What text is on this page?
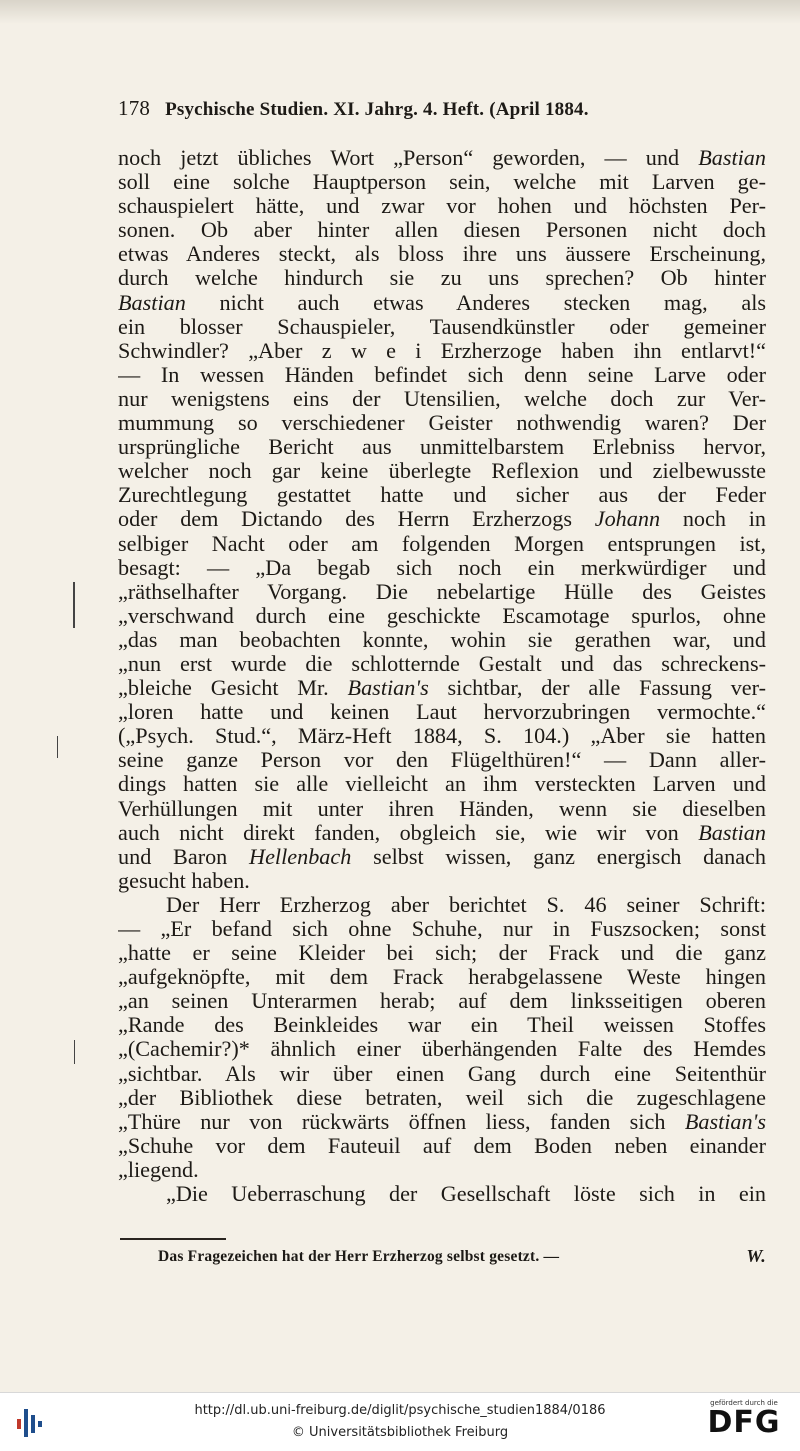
178 Psychische Studien. XI. Jahrg. 4. Heft. (April 1884.
noch jetzt übliches Wort „Person“ geworden, — und Bastian
soll eine solche Hauptperson sein, welche mit Larven ge-
schauspielert hätte, und zwar vor hohen und höchsten Per-
sonen. Ob aber hinter allen diesen Personen nicht doch
etwas Anderes steckt, als bloss ihre uns äussere Erscheinung,
durch welche hindurch sie zu uns sprechen? Ob hinter
Bastian nicht auch etwas Anderes stecken mag, als
ein blosser Schauspieler, Tausendkünstler oder gemeiner
Schwindler? „Aber z w e i Erzherzoge haben ihn entlarvt!“
— In wessen Händen befindet sich denn seine Larve oder
nur wenigstens eins der Utensilien, welche doch zur Ver-
mummung so verschiedener Geister nothwendig waren? Der
ursprüngliche Bericht aus unmittelbarstem Erlebniss hervor,
welcher noch gar keine überlegte Reflexion und zielbewusste
Zurechtlegung gestattet hatte und sicher aus der Feder
oder dem Dictando des Herrn Erzherzogs Johann noch in
selbiger Nacht oder am folgenden Morgen entsprungen ist,
besagt: — „Da begab sich noch ein merkwürdiger und
„räthselhafter Vorgang. Die nebelartige Hülle des Geistes
„verschwand durch eine geschickte Escamotage spurlos, ohne
„das man beobachten konnte, wohin sie gerathen war, und
„nun erst wurde die schlotternde Gestalt und das schreckens-
„bleiche Gesicht Mr. Bastian's sichtbar, der alle Fassung ver-
„loren hatte und keinen Laut hervorzubringen vermochte.“
(„Psych. Stud.“, März-Heft 1884, S. 104.) „Aber sie hatten
seine ganze Person vor den Flügelthüren!“ — Dann aller-
dings hatten sie alle vielleicht an ihm versteckten Larven und
Verhüllungen mit unter ihren Händen, wenn sie dieselben
auch nicht direkt fanden, obgleich sie, wie wir von Bastian
und Baron Hellenbach selbst wissen, ganz energisch danach
gesucht haben.
Der Herr Erzherzog aber berichtet S. 46 seiner Schrift:
— „Er befand sich ohne Schuhe, nur in Fuszsocken; sonst
„hatte er seine Kleider bei sich; der Frack und die ganz
„aufgeknöpfte, mit dem Frack herabgelassene Weste hingen
„an seinen Unterarmen herab; auf dem linksseitigen oberen
„Rande des Beinkleides war ein Theil weissen Stoffes
„(Cachemir?)* ähnlich einer überhängenden Falte des Hemdes
„sichtbar. Als wir über einen Gang durch eine Seitenthür
„der Bibliothek diese betraten, weil sich die zugeschlagene
„Thüre nur von rückwärts öffnen liess, fanden sich Bastian's
„Schuhe vor dem Fauteuil auf dem Boden neben einander
„liegend.
„Die Ueberraschung der Gesellschaft löste sich in ein
Das Fragezeichen hat der Herr Erzherzog selbst gesetzt. —	W.
http://dl.ub.uni-freiburg.de/diglit/psychische_studien1884/0186
© Universitätsbibliothek Freiburg
gefördert durch die
DFG
